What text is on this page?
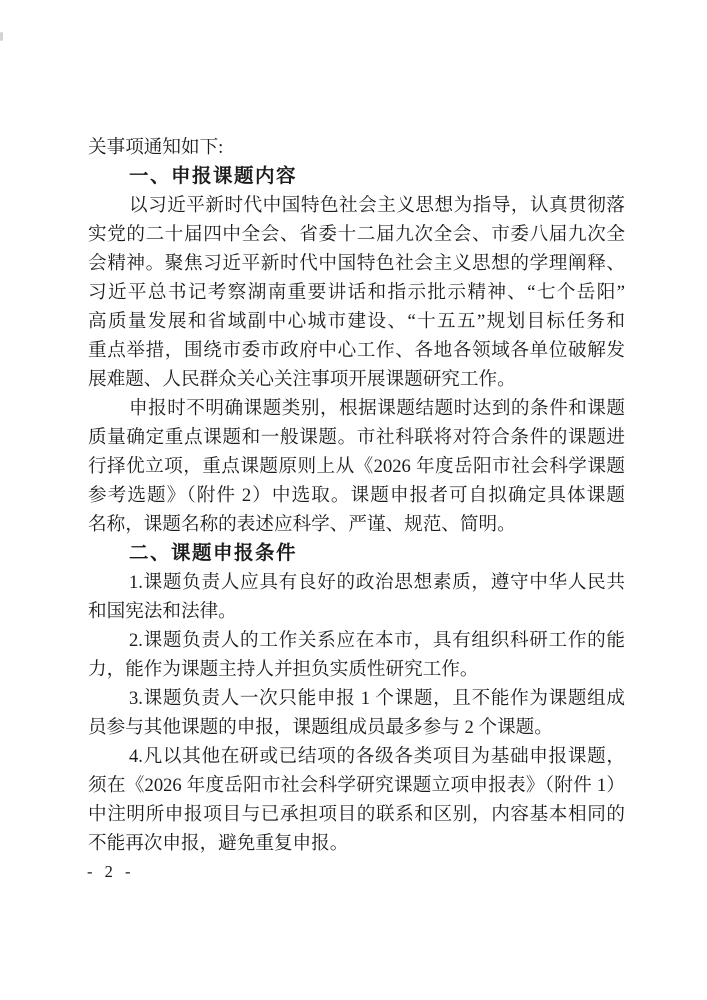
关事项通知如下:
一、申报课题内容
以习近平新时代中国特色社会主义思想为指导，认真贯彻落
实党的二十届四中全会、省委十二届九次全会、市委八届九次全
会精神。聚焦习近平新时代中国特色社会主义思想的学理阐释、
习近平总书记考察湖南重要讲话和指示批示精神、“七个岳阳”
高质量发展和省域副中心城市建设、“十五五”规划目标任务和
重点举措，围绕市委市政府中心工作、各地各领域各单位破解发
展难题、人民群众关心关注事项开展课题研究工作。
申报时不明确课题类别，根据课题结题时达到的条件和课题
质量确定重点课题和一般课题。市社科联将对符合条件的课题进
行择优立项，重点课题原则上从《2026 年度岳阳市社会科学课题
参考选题》（附件 2）中选取。课题申报者可自拟确定具体课题
名称，课题名称的表述应科学、严谨、规范、简明。
二、课题申报条件
1.课题负责人应具有良好的政治思想素质，遵守中华人民共
和国宪法和法律。
2.课题负责人的工作关系应在本市，具有组织科研工作的能
力，能作为课题主持人并担负实质性研究工作。
3.课题负责人一次只能申报 1 个课题，且不能作为课题组成
员参与其他课题的申报，课题组成员最多参与 2 个课题。
4.凡以其他在研或已结项的各级各类项目为基础申报课题，
须在《2026 年度岳阳市社会科学研究课题立项申报表》（附件 1）
中注明所申报项目与已承担项目的联系和区别，内容基本相同的
不能再次申报，避免重复申报。
- 2 -
